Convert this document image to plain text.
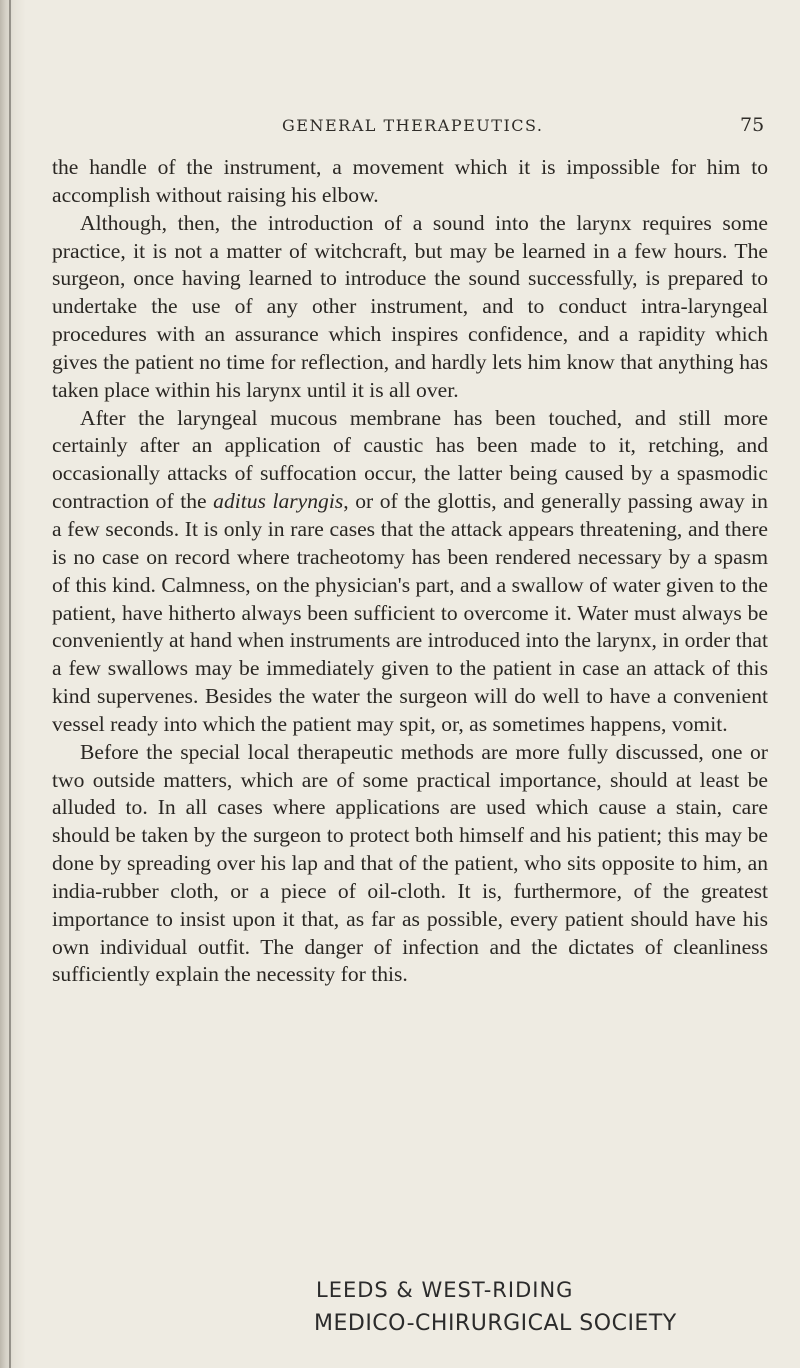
GENERAL THERAPEUTICS.	75

the handle of the instrument, a movement which it is impossible for him to accomplish without raising his elbow.

Although, then, the introduction of a sound into the larynx requires some practice, it is not a matter of witchcraft, but may be learned in a few hours. The surgeon, once having learned to introduce the sound successfully, is prepared to undertake the use of any other instrument, and to conduct intra-laryngeal procedures with an assurance which inspires confidence, and a rapidity which gives the patient no time for reflection, and hardly lets him know that anything has taken place within his larynx until it is all over.

After the laryngeal mucous membrane has been touched, and still more certainly after an application of caustic has been made to it, retching, and occasionally attacks of suffocation occur, the latter being caused by a spasmodic contraction of the aditus laryngis, or of the glottis, and generally passing away in a few seconds. It is only in rare cases that the attack appears threatening, and there is no case on record where tracheotomy has been rendered necessary by a spasm of this kind. Calmness, on the physician's part, and a swallow of water given to the patient, have hitherto always been sufficient to overcome it. Water must always be conveniently at hand when instruments are introduced into the larynx, in order that a few swallows may be immediately given to the patient in case an attack of this kind supervenes. Besides the water the surgeon will do well to have a convenient vessel ready into which the patient may spit, or, as sometimes happens, vomit.

Before the special local therapeutic methods are more fully discussed, one or two outside matters, which are of some practical importance, should at least be alluded to. In all cases where applications are used which cause a stain, care should be taken by the surgeon to protect both himself and his patient; this may be done by spreading over his lap and that of the patient, who sits opposite to him, an india-rubber cloth, or a piece of oil-cloth. It is, furthermore, of the greatest importance to insist upon it that, as far as possible, every patient should have his own individual outfit. The danger of infection and the dictates of cleanliness sufficiently explain the necessity for this.

LEEDS & WEST-RIDING
MEDICO-CHIRURGICAL SOCIETY
